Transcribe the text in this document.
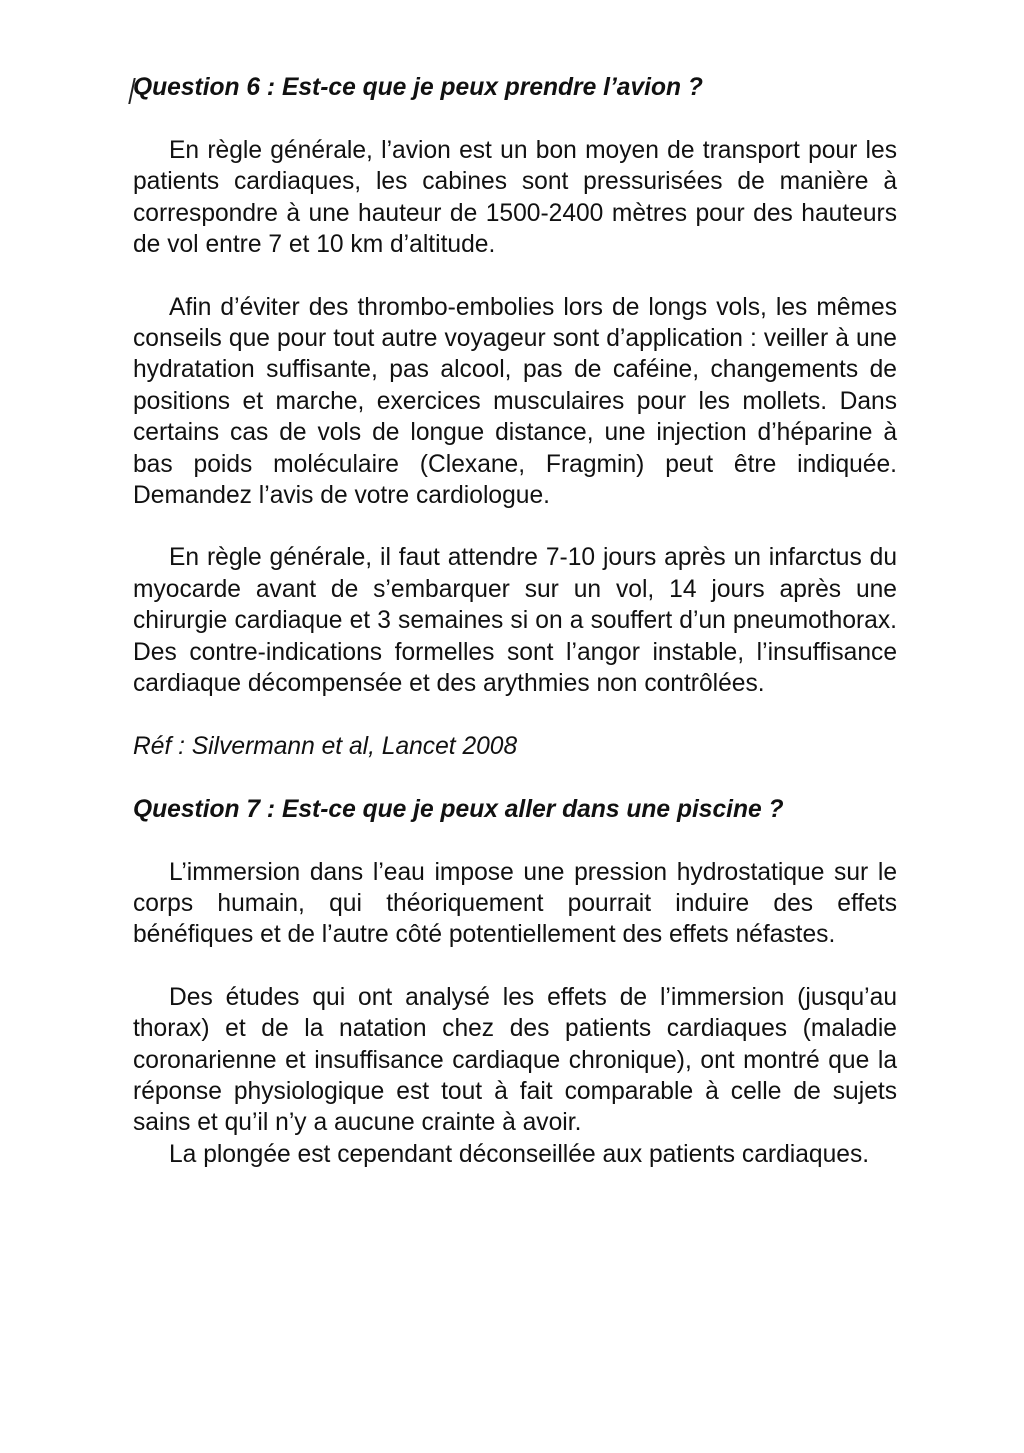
Question 6 : Est-ce que je peux prendre l’avion ?

En règle générale, l’avion est un bon moyen de transport pour les patients cardiaques, les cabines sont pressurisées de manière à correspondre à une hauteur de 1500-2400 mètres pour des hauteurs de vol entre 7 et 10 km d’altitude.

Afin d’éviter des thrombo-embolies lors de longs vols, les mêmes conseils que pour tout autre voyageur sont d’application : veiller à une hydratation suffisante, pas alcool, pas de caféine, changements de positions et marche, exercices musculaires pour les mollets. Dans certains cas de vols de longue distance, une injection d’héparine à bas poids moléculaire (Clexane, Fragmin) peut être indiquée. Demandez l’avis de votre cardiologue.

En règle générale, il faut attendre 7-10 jours après un infarctus du myocarde avant de s’embarquer sur un vol, 14 jours après une chirurgie cardiaque et 3 semaines si on a souffert d’un pneumothorax. Des contre-indications formelles sont l’angor instable, l’insuffisance cardiaque décompensée et des arythmies non contrôlées.

Réf : Silvermann et al, Lancet 2008
Question 7 : Est-ce que je peux aller dans une piscine ?

L’immersion dans l’eau impose une pression hydrostatique sur le corps humain, qui théoriquement pourrait induire des effets bénéfiques et de l’autre côté potentiellement des effets néfastes.

Des études qui ont analysé les effets de l’immersion (jusqu’au thorax) et de la natation chez des patients cardiaques (maladie coronarienne et insuffisance cardiaque chronique), ont montré que la réponse physiologique est tout à fait comparable à celle de sujets sains et qu’il n’y a aucune crainte à avoir.

La plongée est cependant déconseillée aux patients cardiaques.
